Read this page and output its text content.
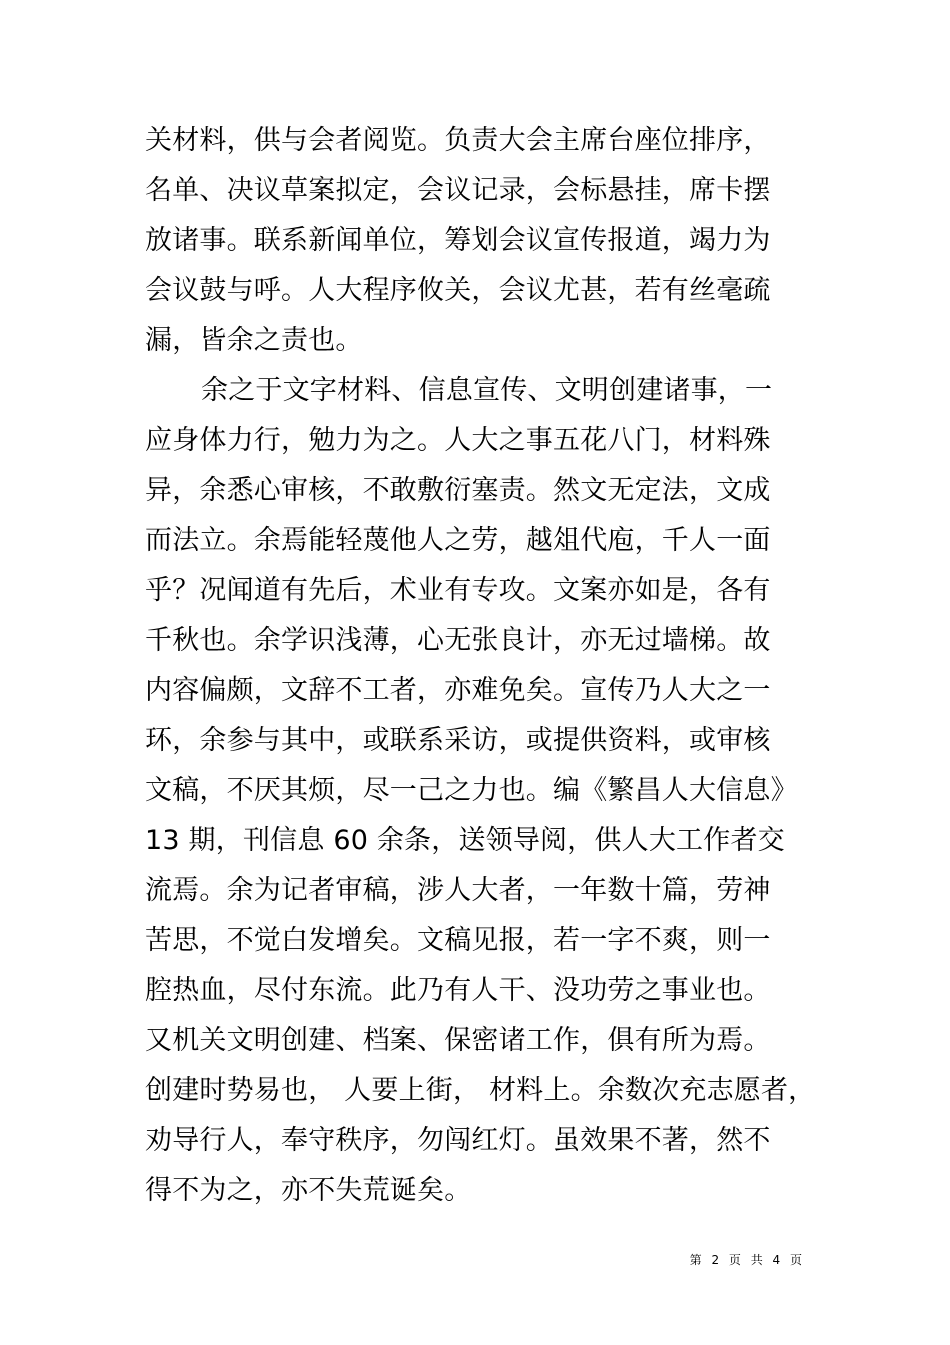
关材料，供与会者阅览。负责大会主席台座位排序，
名单、决议草案拟定，会议记录，会标悬挂，席卡摆
放诸事。联系新闻单位，筹划会议宣传报道，竭力为
会议鼓与呼。人大程序攸关，会议尤甚，若有丝毫疏
漏，皆余之责也。
余之于文字材料、信息宣传、文明创建诸事，一
应身体力行，勉力为之。人大之事五花八门，材料殊
异，余悉心审核，不敢敷衍塞责。然文无定法，文成
而法立。余焉能轻蔑他人之劳，越俎代庖，千人一面
乎？况闻道有先后，术业有专攻。文案亦如是，各有
千秋也。余学识浅薄，心无张良计，亦无过墙梯。故
内容偏颇，文辞不工者，亦难免矣。宣传乃人大之一
环，余参与其中，或联系采访，或提供资料，或审核
文稿，不厌其烦，尽一己之力也。编《繁昌人大信息》
13 期，刊信息 60 余条，送领导阅，供人大工作者交
流焉。余为记者审稿，涉人大者，一年数十篇，劳神
苦思，不觉白发增矣。文稿见报，若一字不爽，则一
腔热血，尽付东流。此乃有人干、没功劳之事业也。
又机关文明创建、档案、保密诸工作，俱有所为焉。
创建时势易也， 人要上街， 材料上。余数次充志愿者，
劝导行人，奉守秩序，勿闯红灯。虽效果不著，然不
得不为之，亦不失荒诞矣。
第 2 页 共 4 页
